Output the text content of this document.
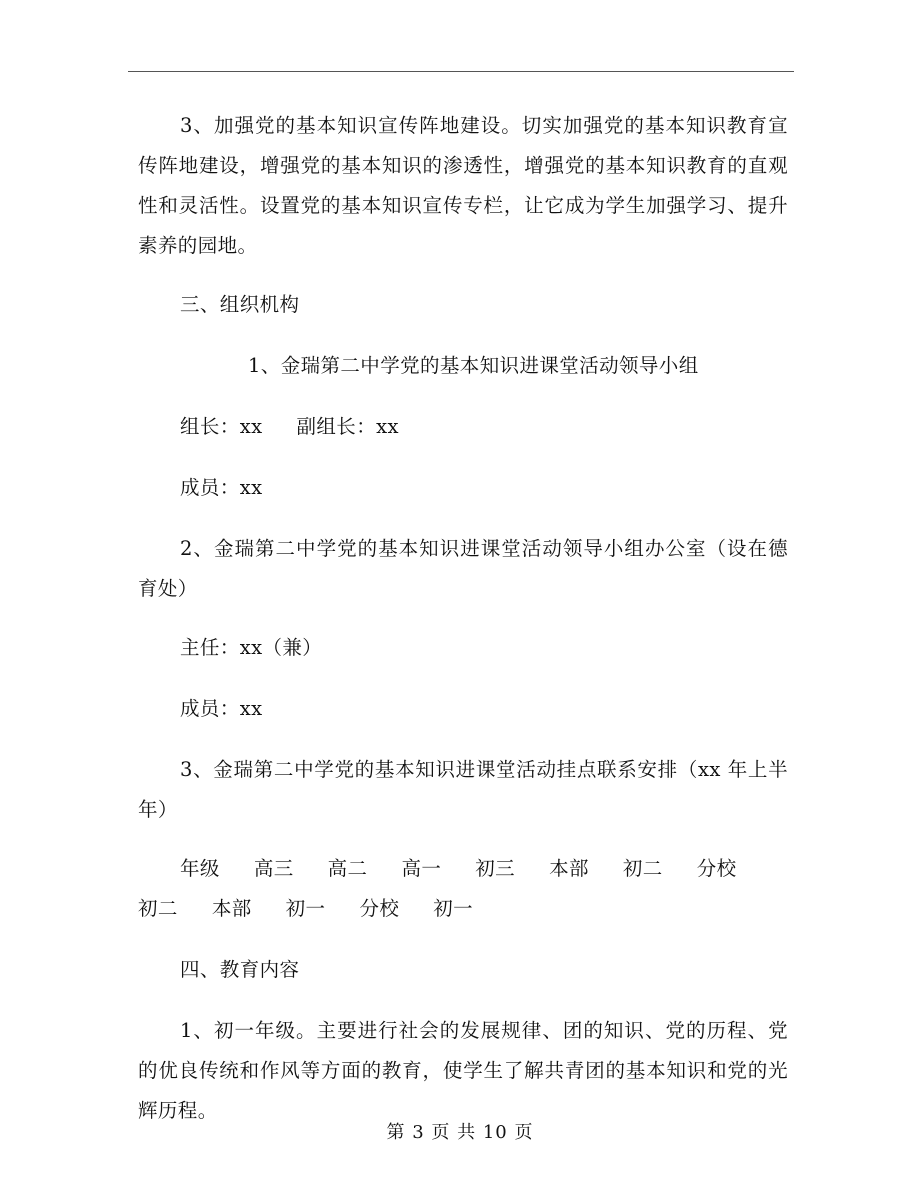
3、加强党的基本知识宣传阵地建设。切实加强党的基本知识教育宣传阵地建设，增强党的基本知识的渗透性，增强党的基本知识教育的直观性和灵活性。设置党的基本知识宣传专栏，让它成为学生加强学习、提升素养的园地。

三、组织机构

1、金瑞第二中学党的基本知识进课堂活动领导小组

组长：xx 副组长：xx

成员：xx

2、金瑞第二中学党的基本知识进课堂活动领导小组办公室（设在德育处）

主任：xx（兼）

成员：xx

3、金瑞第二中学党的基本知识进课堂活动挂点联系安排（xx 年上半年）

年级 高三 高二 高一 初三 本部 初二 分校

初二 本部 初一 分校 初一

四、教育内容

1、初一年级。主要进行社会的发展规律、团的知识、党的历程、党的优良传统和作风等方面的教育，使学生了解共青团的基本知识和党的光辉历程。

第 3 页 共 10 页
